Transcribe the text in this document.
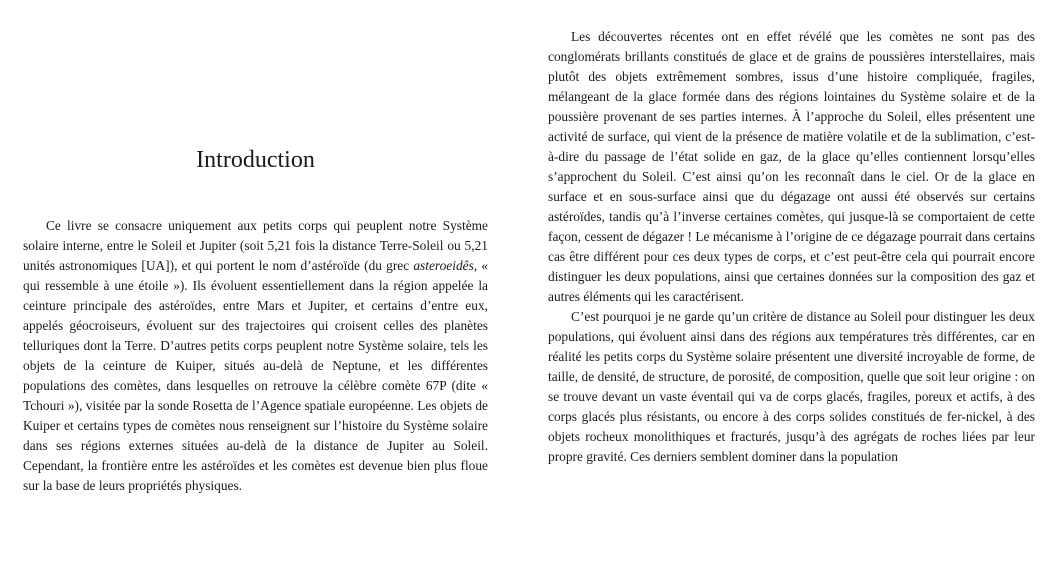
Introduction

Ce livre se consacre uniquement aux petits corps qui peuplent notre Système solaire interne, entre le Soleil et Jupiter (soit 5,21 fois la distance Terre-Soleil ou 5,21 unités astronomiques [UA]), et qui portent le nom d’astéroïde (du grec asteroeidês, « qui ressemble à une étoile »). Ils évoluent essentiellement dans la région appelée la ceinture principale des astéroïdes, entre Mars et Jupiter, et certains d’entre eux, appelés géocroiseurs, évoluent sur des trajectoires qui croisent celles des planètes telluriques dont la Terre. D’autres petits corps peuplent notre Système solaire, tels les objets de la ceinture de Kuiper, situés au-delà de Neptune, et les différentes populations des comètes, dans lesquelles on retrouve la célèbre comète 67P (dite « Tchouri »), visitée par la sonde Rosetta de l’Agence spatiale européenne. Les objets de Kuiper et certains types de comètes nous renseignent sur l’histoire du Système solaire dans ses régions externes situées au-delà de la distance de Jupiter au Soleil. Cependant, la frontière entre les astéroïdes et les comètes est devenue bien plus floue sur la base de leurs propriétés physiques.

Les découvertes récentes ont en effet révélé que les comètes ne sont pas des conglomérats brillants constitués de glace et de grains de poussières interstellaires, mais plutôt des objets extrêmement sombres, issus d’une histoire compliquée, fragiles, mélangeant de la glace formée dans des régions lointaines du Système solaire et de la poussière provenant de ses parties internes. À l’approche du Soleil, elles présentent une activité de surface, qui vient de la présence de matière volatile et de la sublimation, c’est-à-dire du passage de l’état solide en gaz, de la glace qu’elles contiennent lorsqu’elles s’approchent du Soleil. C’est ainsi qu’on les reconnaît dans le ciel. Or de la glace en surface et en sous-surface ainsi que du dégazage ont aussi été observés sur certains astéroïdes, tandis qu’à l’inverse certaines comètes, qui jusque-là se comportaient de cette façon, cessent de dégazer ! Le mécanisme à l’origine de ce dégazage pourrait dans certains cas être différent pour ces deux types de corps, et c’est peut-être cela qui pourrait encore distinguer les deux populations, ainsi que certaines données sur la composition des gaz et autres éléments qui les caractérisent.

C’est pourquoi je ne garde qu’un critère de distance au Soleil pour distinguer les deux populations, qui évoluent ainsi dans des régions aux températures très différentes, car en réalité les petits corps du Système solaire présentent une diversité incroyable de forme, de taille, de densité, de structure, de porosité, de composition, quelle que soit leur origine : on se trouve devant un vaste éventail qui va de corps glacés, fragiles, poreux et actifs, à des corps glacés plus résistants, ou encore à des corps solides constitués de fer-nickel, à des objets rocheux monolithiques et fracturés, jusqu’à des agrégats de roches liées par leur propre gravité. Ces derniers semblent dominer dans la population
